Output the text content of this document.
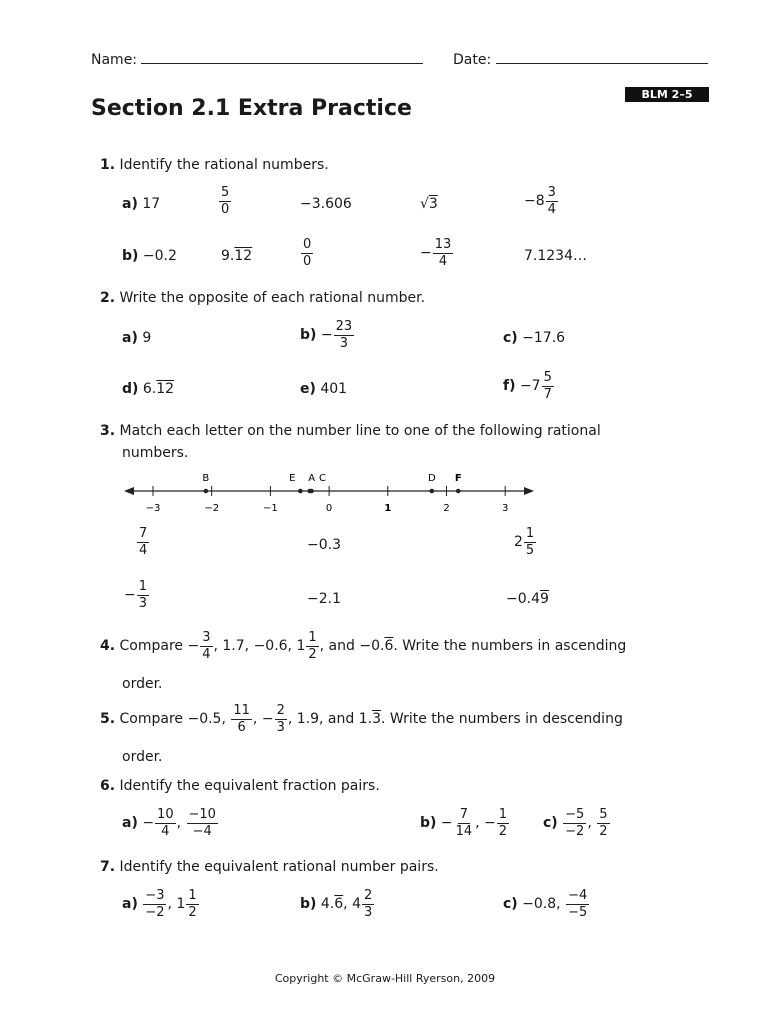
Name:	Date:
BLM 2–5
Section 2.1 Extra Practice
1. Identify the rational numbers.
a) 17	$\frac{5}{0}$	−3.606	√3	$-8 \frac{3}{4}$
b) −0.2	9.12	$\frac{0}{0}$	− $\frac{13}{4}$	7.1234…
2. Write the opposite of each rational number.
a) 9	$b) - \frac{23}{3}$	c) −17.6
d) 6.12	e) 401	$f) -7 \frac{5}{7}$
3. Match each letter on the number line to one of the following rational
numbers.
−3	−2	−1	0	1	2	3
B	E A C	D F
$\frac{7}{4}$	−0.3	$2 \frac{1}{5}$
− $\frac{1}{3}$	−2.1	−0.49
4. Compare − $\frac{3}{4}$ , 1.7, −0.6, $1 \frac{1}{2}$ , and −0.6. Write the numbers in ascending
order.
5. Compare −0.5, $\frac{11}{6}$ , − $\frac{2}{3}$ , 1.9, and 1.3. Write the numbers in descending
order.
6. Identify the equivalent fraction pairs.
$a) - \frac{10}{4}$ , $\frac{-10}{-4}$	$b) - \frac{7}{14}$ , − $\frac{1}{2} c) \frac{-5}{-2}$ , $\frac{5}{2}$
7. Identify the equivalent rational number pairs.
$a) \frac{-3}{-2}$ , $1 \frac{1}{2}$	b) 4.6, $4 \frac{2}{3}$	c) −0.8, $\frac{-4}{-5}$
Copyright © McGraw-Hill Ryerson, 2009
